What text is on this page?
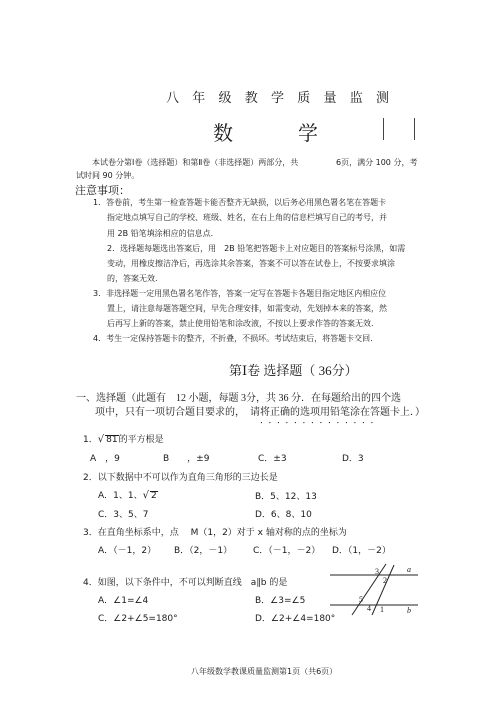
八 年 级 教 学 质 量 监 测
数 学
本试卷分第Ⅰ卷（选择题）和第Ⅱ卷（非选择题）两部分，共	6页，满分 100 分，考
试时间 90 分钟。
注意事项：
1．答卷前，考生第一检查答题卡能否整齐无缺损，以后务必用黑色署名笔在答题卡
指定地点填写自己的学校、班级、姓名，在右上角的信息栏填写自己的考号，并
用 2B 铅笔填涂相应的信息点.
2．选择题每题选出答案后，用　2B 铅笔把答题卡上对应题目的答案标号涂黑，如需
变动，用橡皮擦洁净后，再选涂其余答案，答案不可以答在试卷上，不按要求填涂
的，答案无效.
3．非选择题一定用黑色署名笔作答，答案一定写在答题卡各题目指定地区内相应位
置上，请注意每题答题空间，早先合理安排，如需变动，先划掉本来的答案，然
后再写上新的答案，禁止使用铅笔和涂改液，不按以上要求作答的答案无效.
4．考生一定保持答题卡的整齐，不折叠，不损坏。考试结束后，将答题卡交回.
第Ⅰ卷 选择题（ 36分）
一、选择题（此题有　12 小题，每题 3分，共 36 分．在每题给出的四个选
项中，只有一项切合题目要求的，　请将正确的选项用铅笔涂在答题卡上．）
．．．．．．．．．．．．．．
1．√ 81的平方根是
A　，9	B　　，±9	C．±3	D．3
2．以下数据中不可以作为直角三角形的三边长是
A．1、1、√ 2	B．5、12、13
C．3、5、7	D．6、8、10
3．在直角坐标系中，点　 M（1，2）对于 x 轴对称的点的坐标为
A．（－1，2） B．（2，－1） C．（－1，－2） D．（1，－2）
4．如图，以下条件中，不可以判断直线　a∥b 的是
A．∠1=∠4	B．∠3=∠5
C．∠2+∠5=180°	D．∠2+∠4=180°
a
b
3
2
5
4 1
八年级数学教课质量监测第1页（共6页）
